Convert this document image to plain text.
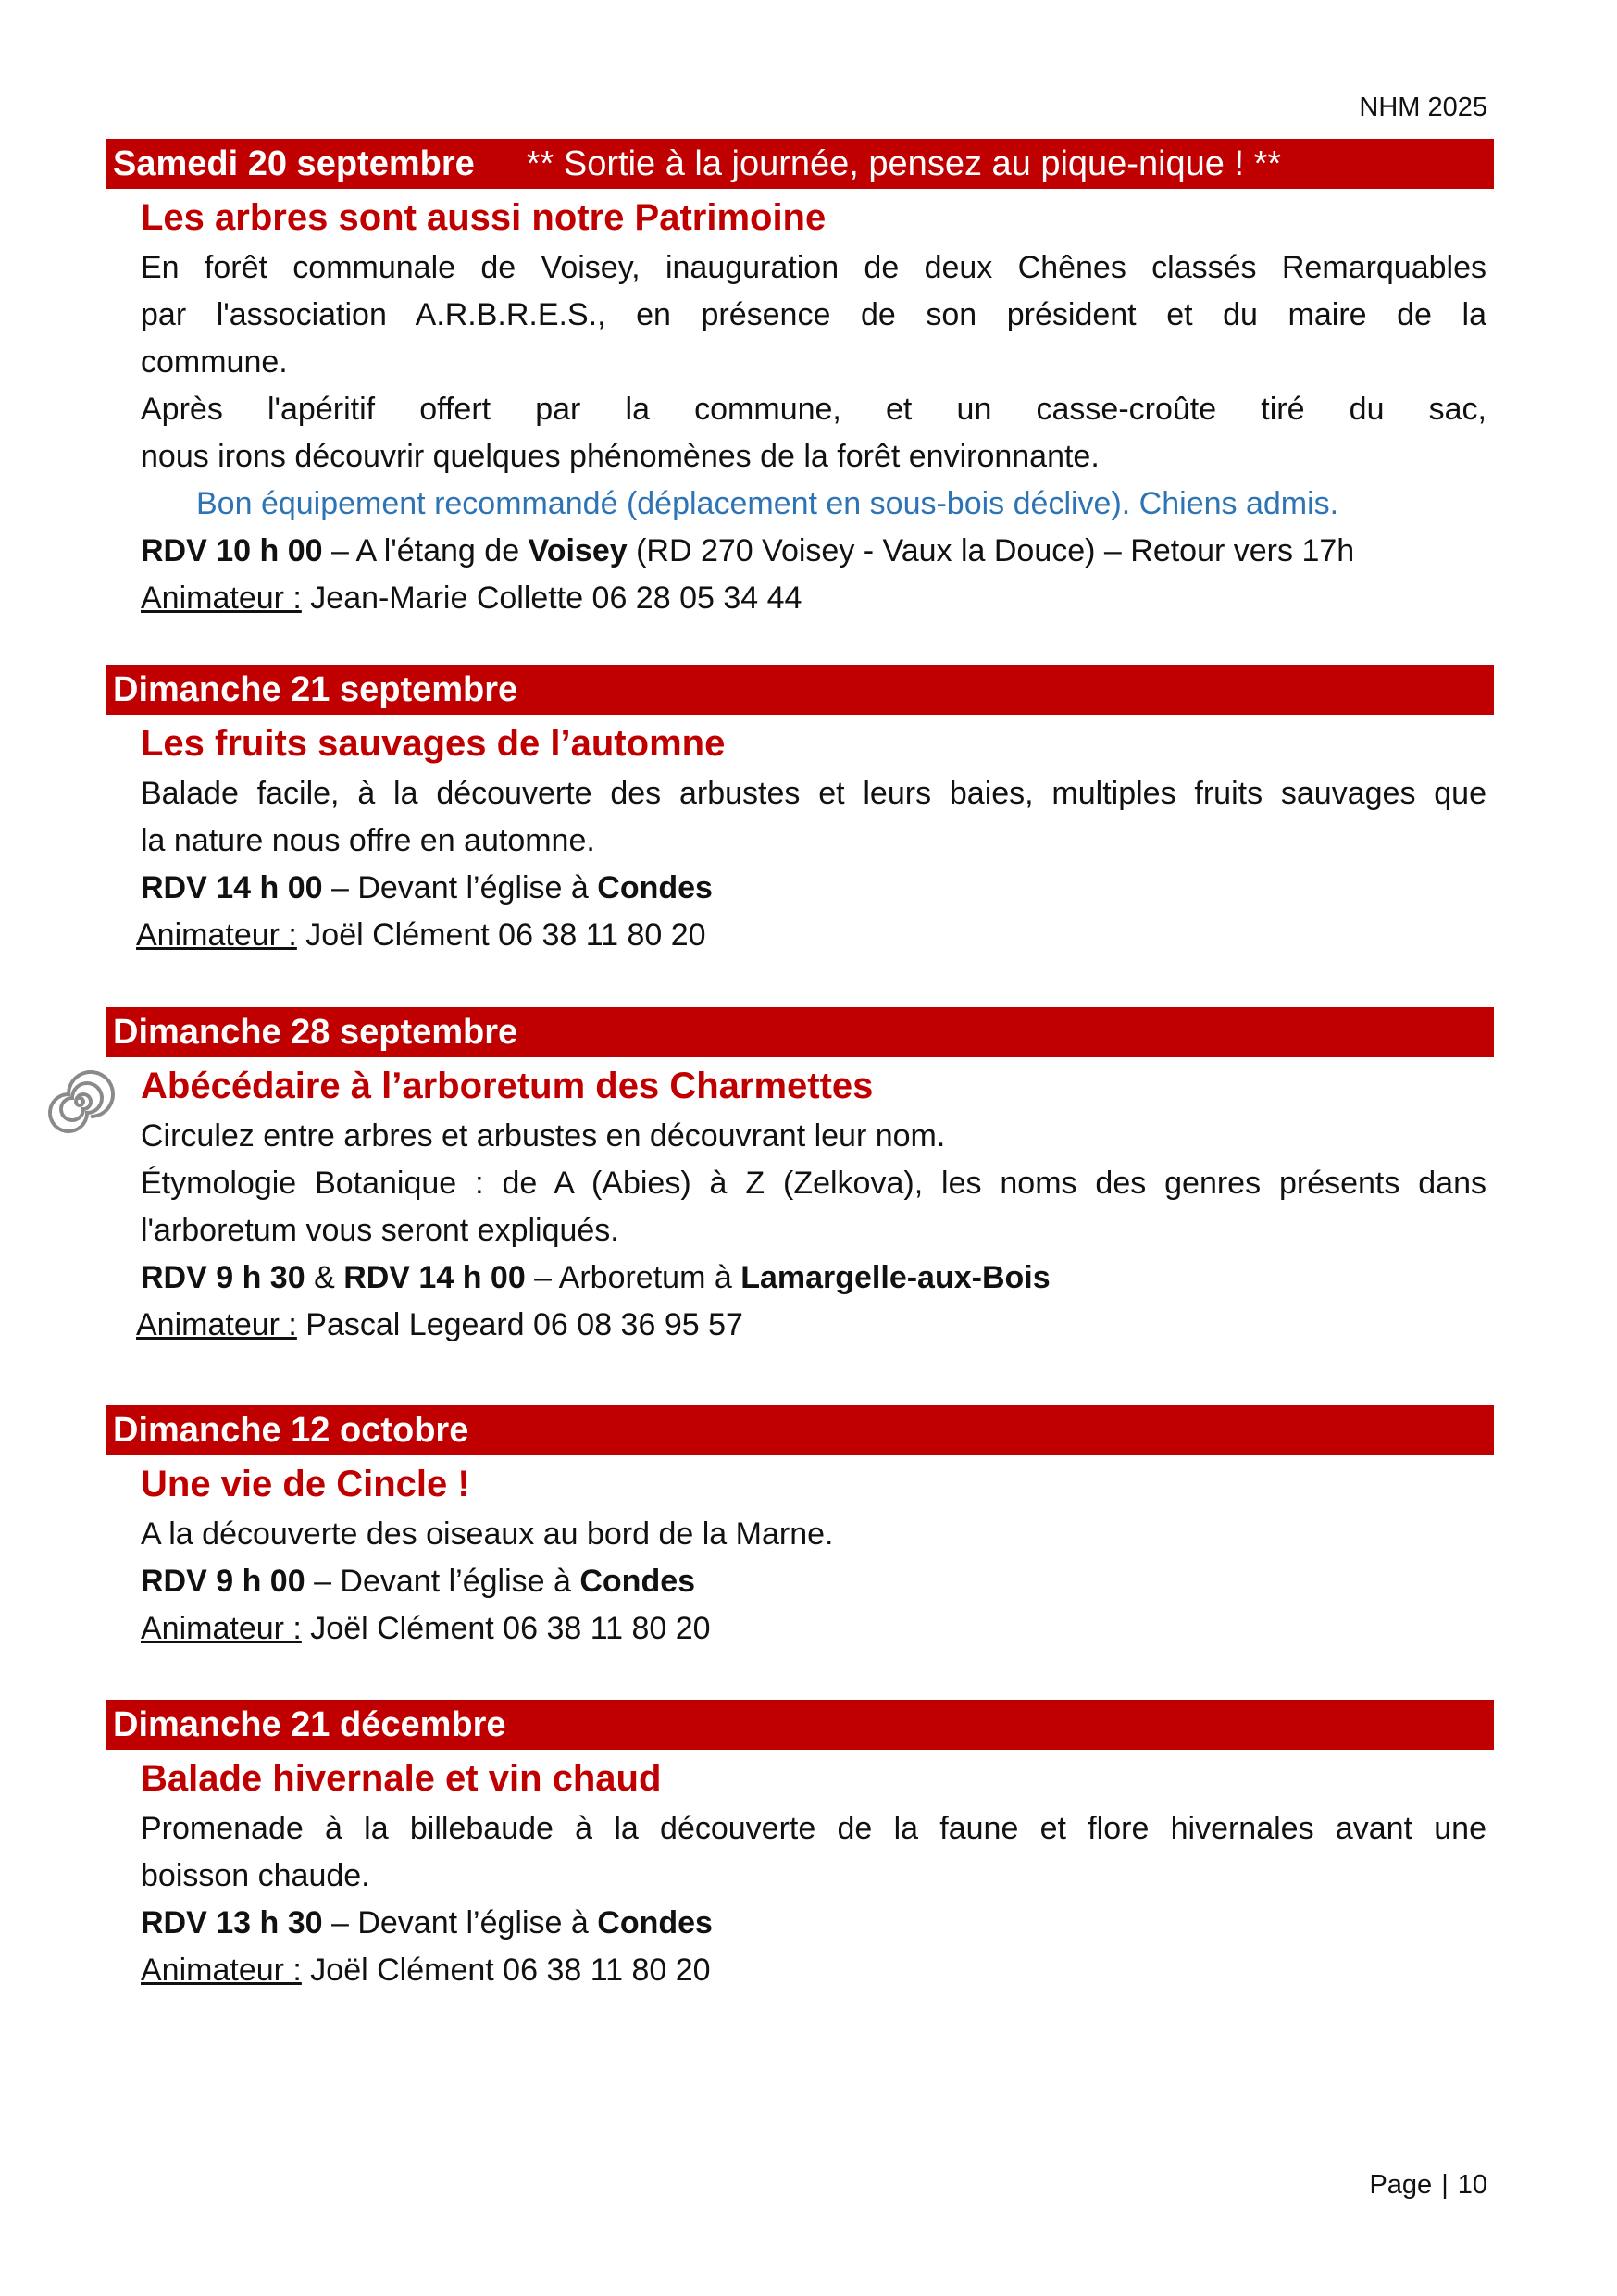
NHM 2025
Samedi 20 septembre ** Sortie à la journée, pensez au pique-nique ! **
Les arbres sont aussi notre Patrimoine
En forêt communale de Voisey, inauguration de deux Chênes classés Remarquables
par l'association A.R.B.R.E.S., en présence de son président et du maire de la
commune.
Après l'apéritif offert par la commune, et un casse-croûte tiré du sac,
nous irons découvrir quelques phénomènes de la forêt environnante.
Bon équipement recommandé (déplacement en sous-bois déclive). Chiens admis.
RDV 10 h 00 – A l'étang de Voisey (RD 270 Voisey - Vaux la Douce) – Retour vers 17h
Animateur : Jean-Marie Collette 06 28 05 34 44
Dimanche 21 septembre
Les fruits sauvages de l’automne
Balade facile, à la découverte des arbustes et leurs baies, multiples fruits sauvages que
la nature nous offre en automne.
RDV 14 h 00 – Devant l’église à Condes
Animateur : Joël Clément 06 38 11 80 20
Dimanche 28 septembre
Abécédaire à l’arboretum des Charmettes
Circulez entre arbres et arbustes en découvrant leur nom.
Étymologie Botanique : de A (Abies) à Z (Zelkova), les noms des genres présents dans
l'arboretum vous seront expliqués.
RDV 9 h 30 & RDV 14 h 00 – Arboretum à Lamargelle-aux-Bois
Animateur : Pascal Legeard 06 08 36 95 57
Dimanche 12 octobre
Une vie de Cincle !
A la découverte des oiseaux au bord de la Marne.
RDV 9 h 00 – Devant l’église à Condes
Animateur : Joël Clément 06 38 11 80 20
Dimanche 21 décembre
Balade hivernale et vin chaud
Promenade à la billebaude à la découverte de la faune et flore hivernales avant une
boisson chaude.
RDV 13 h 30 – Devant l’église à Condes
Animateur : Joël Clément 06 38 11 80 20
Page | 10
